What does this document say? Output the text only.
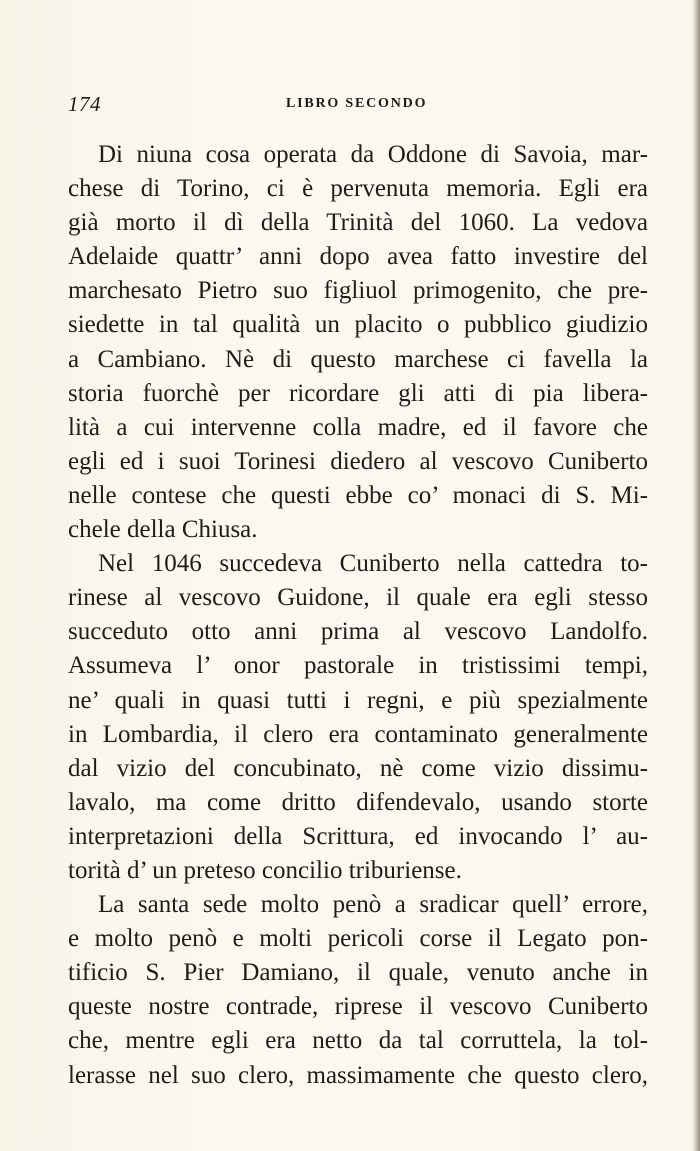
174	LIBRO SECONDO
Di niuna cosa operata da Oddone di Savoia, mar-
chese di Torino, ci è pervenuta memoria. Egli era
già morto il dì della Trinità del 1060. La vedova
Adelaide quattr’ anni dopo avea fatto investire del
marchesato Pietro suo figliuol primogenito, che pre-
siedette in tal qualità un placito o pubblico giudizio
a Cambiano. Nè di questo marchese ci favella la
storia fuorchè per ricordare gli atti di pia libera-
lità a cui intervenne colla madre, ed il favore che
egli ed i suoi Torinesi diedero al vescovo Cuniberto
nelle contese che questi ebbe co’ monaci di S. Mi-
chele della Chiusa.
Nel 1046 succedeva Cuniberto nella cattedra to-
rinese al vescovo Guidone, il quale era egli stesso
succeduto otto anni prima al vescovo Landolfo.
Assumeva l’ onor pastorale in tristissimi tempi,
ne’ quali in quasi tutti i regni, e più spezialmente
in Lombardia, il clero era contaminato generalmente
dal vizio del concubinato, nè come vizio dissimu-
lavalo, ma come dritto difendevalo, usando storte
interpretazioni della Scrittura, ed invocando l’ au-
torità d’ un preteso concilio triburiense.
La santa sede molto penò a sradicar quell’ errore,
e molto penò e molti pericoli corse il Legato pon-
tificio S. Pier Damiano, il quale, venuto anche in
queste nostre contrade, riprese il vescovo Cuniberto
che, mentre egli era netto da tal corruttela, la tol-
lerasse nel suo clero, massimamente che questo clero,
